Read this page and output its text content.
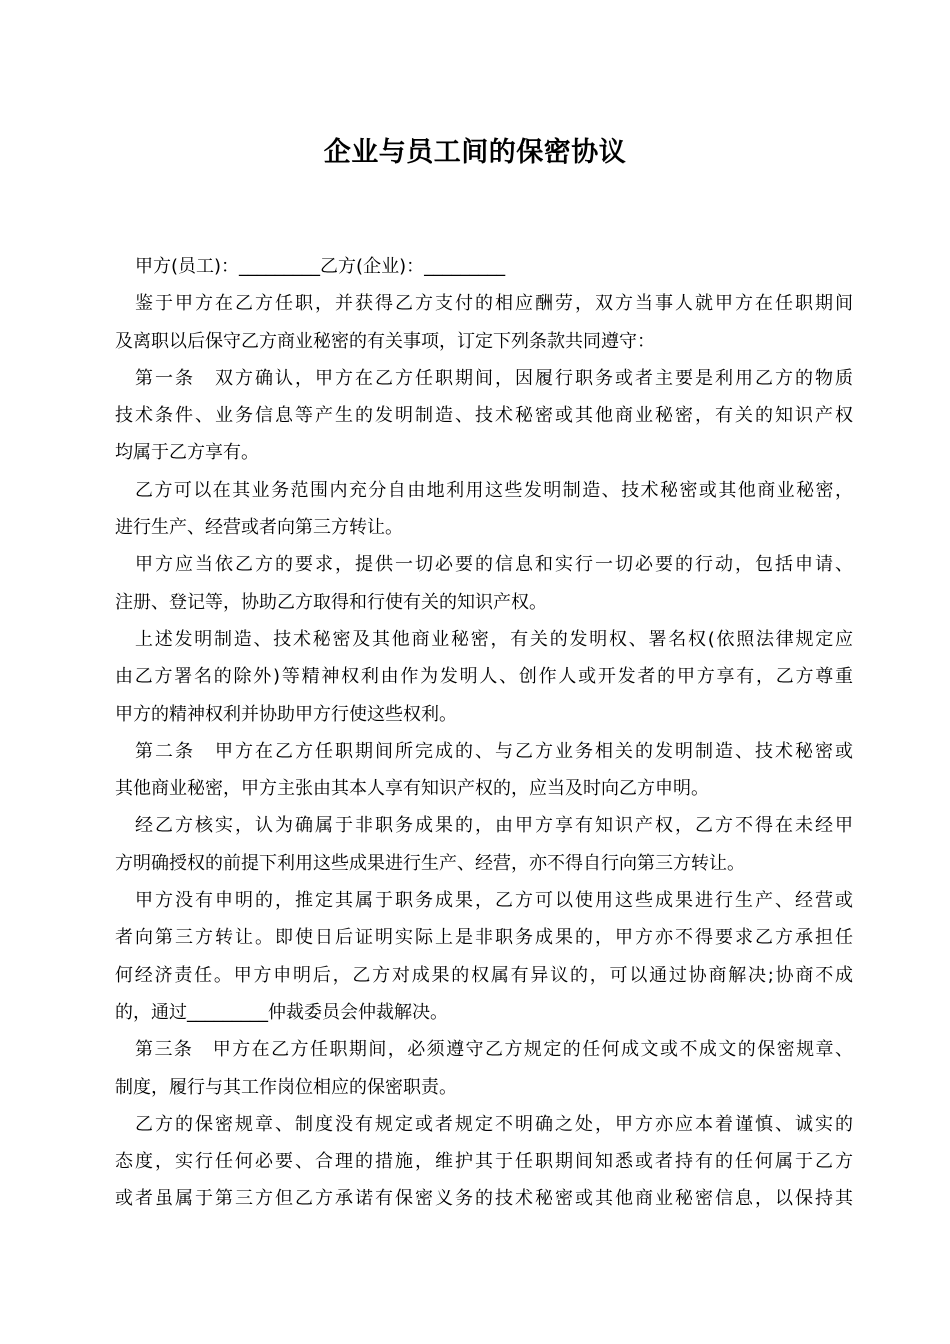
企业与员工间的保密协议
甲方(员工)：_________乙方(企业)：_________
鉴于甲方在乙方任职，并获得乙方支付的相应酬劳，双方当事人就甲方在任职期间
及离职以后保守乙方商业秘密的有关事项，订定下列条款共同遵守：
第一条　双方确认，甲方在乙方任职期间，因履行职务或者主要是利用乙方的物质
技术条件、业务信息等产生的发明制造、技术秘密或其他商业秘密，有关的知识产权
均属于乙方享有。
乙方可以在其业务范围内充分自由地利用这些发明制造、技术秘密或其他商业秘密，
进行生产、经营或者向第三方转让。
甲方应当依乙方的要求，提供一切必要的信息和实行一切必要的行动，包括申请、
注册、登记等，协助乙方取得和行使有关的知识产权。
上述发明制造、技术秘密及其他商业秘密，有关的发明权、署名权(依照法律规定应
由乙方署名的除外)等精神权利由作为发明人、创作人或开发者的甲方享有，乙方尊重
甲方的精神权利并协助甲方行使这些权利。
第二条　甲方在乙方任职期间所完成的、与乙方业务相关的发明制造、技术秘密或
其他商业秘密，甲方主张由其本人享有知识产权的，应当及时向乙方申明。
经乙方核实，认为确属于非职务成果的，由甲方享有知识产权，乙方不得在未经甲
方明确授权的前提下利用这些成果进行生产、经营，亦不得自行向第三方转让。
甲方没有申明的，推定其属于职务成果，乙方可以使用这些成果进行生产、经营或
者向第三方转让。即使日后证明实际上是非职务成果的，甲方亦不得要求乙方承担任
何经济责任。甲方申明后，乙方对成果的权属有异议的，可以通过协商解决;协商不成
的，通过_________仲裁委员会仲裁解决。
第三条　甲方在乙方任职期间，必须遵守乙方规定的任何成文或不成文的保密规章、
制度，履行与其工作岗位相应的保密职责。
乙方的保密规章、制度没有规定或者规定不明确之处，甲方亦应本着谨慎、诚实的
态度，实行任何必要、合理的措施，维护其于任职期间知悉或者持有的任何属于乙方
或者虽属于第三方但乙方承诺有保密义务的技术秘密或其他商业秘密信息，以保持其
